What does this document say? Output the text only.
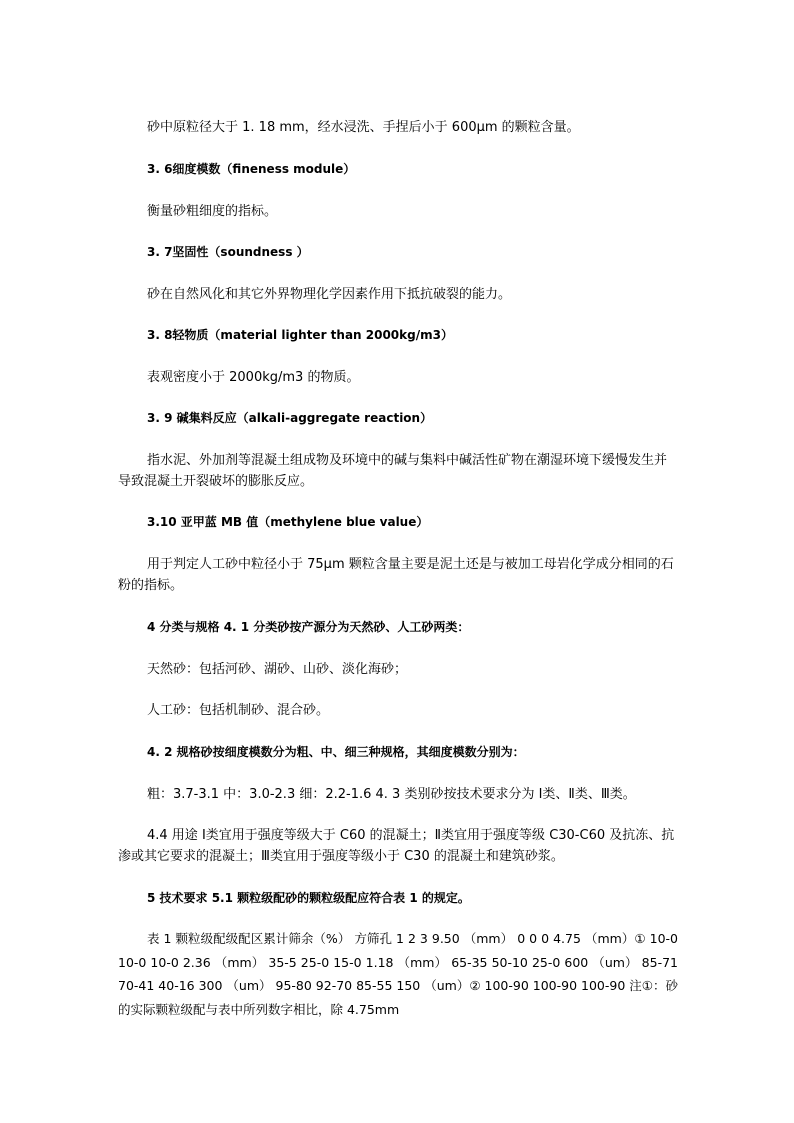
砂中原粒径大于 1. 18 mm，经水浸洗、手捏后小于 600μm 的颗粒含量。
3. 6细度模数（fineness module）
衡量砂粗细度的指标。
3. 7坚固性（soundness ）
砂在自然风化和其它外界物理化学因素作用下抵抗破裂的能力。
3. 8轻物质（material lighter than 2000kg/m3）
表观密度小于 2000kg/m3 的物质。
3. 9 碱集料反应（alkali-aggregate reaction）
指水泥、外加剂等混凝土组成物及环境中的碱与集料中碱活性矿物在潮湿环境下缓慢发生并导致混凝土开裂破坏的膨胀反应。
3.10 亚甲蓝 MB 值（methylene blue value）
用于判定人工砂中粒径小于 75μm 颗粒含量主要是泥土还是与被加工母岩化学成分相同的石粉的指标。
4 分类与规格 4. 1 分类砂按产源分为天然砂、人工砂两类：
天然砂：包括河砂、湖砂、山砂、淡化海砂；
人工砂：包括机制砂、混合砂。
4. 2 规格砂按细度模数分为粗、中、细三种规格，其细度模数分别为：
粗：3.7-3.1 中：3.0-2.3 细：2.2-1.6 4. 3 类别砂按技术要求分为 Ⅰ类、Ⅱ类、Ⅲ类。
4.4 用途 Ⅰ类宜用于强度等级大于 C60 的混凝土；Ⅱ类宜用于强度等级 C30-C60 及抗冻、抗渗或其它要求的混凝土；Ⅲ类宜用于强度等级小于 C30 的混凝土和建筑砂浆。
5 技术要求 5.1 颗粒级配砂的颗粒级配应符合表 1 的规定。
表 1 颗粒级配级配区累计筛余（%） 方筛孔 1 2 3 9.50 （mm） 0 0 0 4.75 （mm）① 10-0 10-0 10-0 2.36 （mm） 35-5 25-0 15-0 1.18 （mm） 65-35 50-10 25-0 600 （um） 85-71 70-41 40-16 300 （um） 95-80 92-70 85-55 150 （um）② 100-90 100-90 100-90 注①：砂的实际颗粒级配与表中所列数字相比，除 4.75mm
